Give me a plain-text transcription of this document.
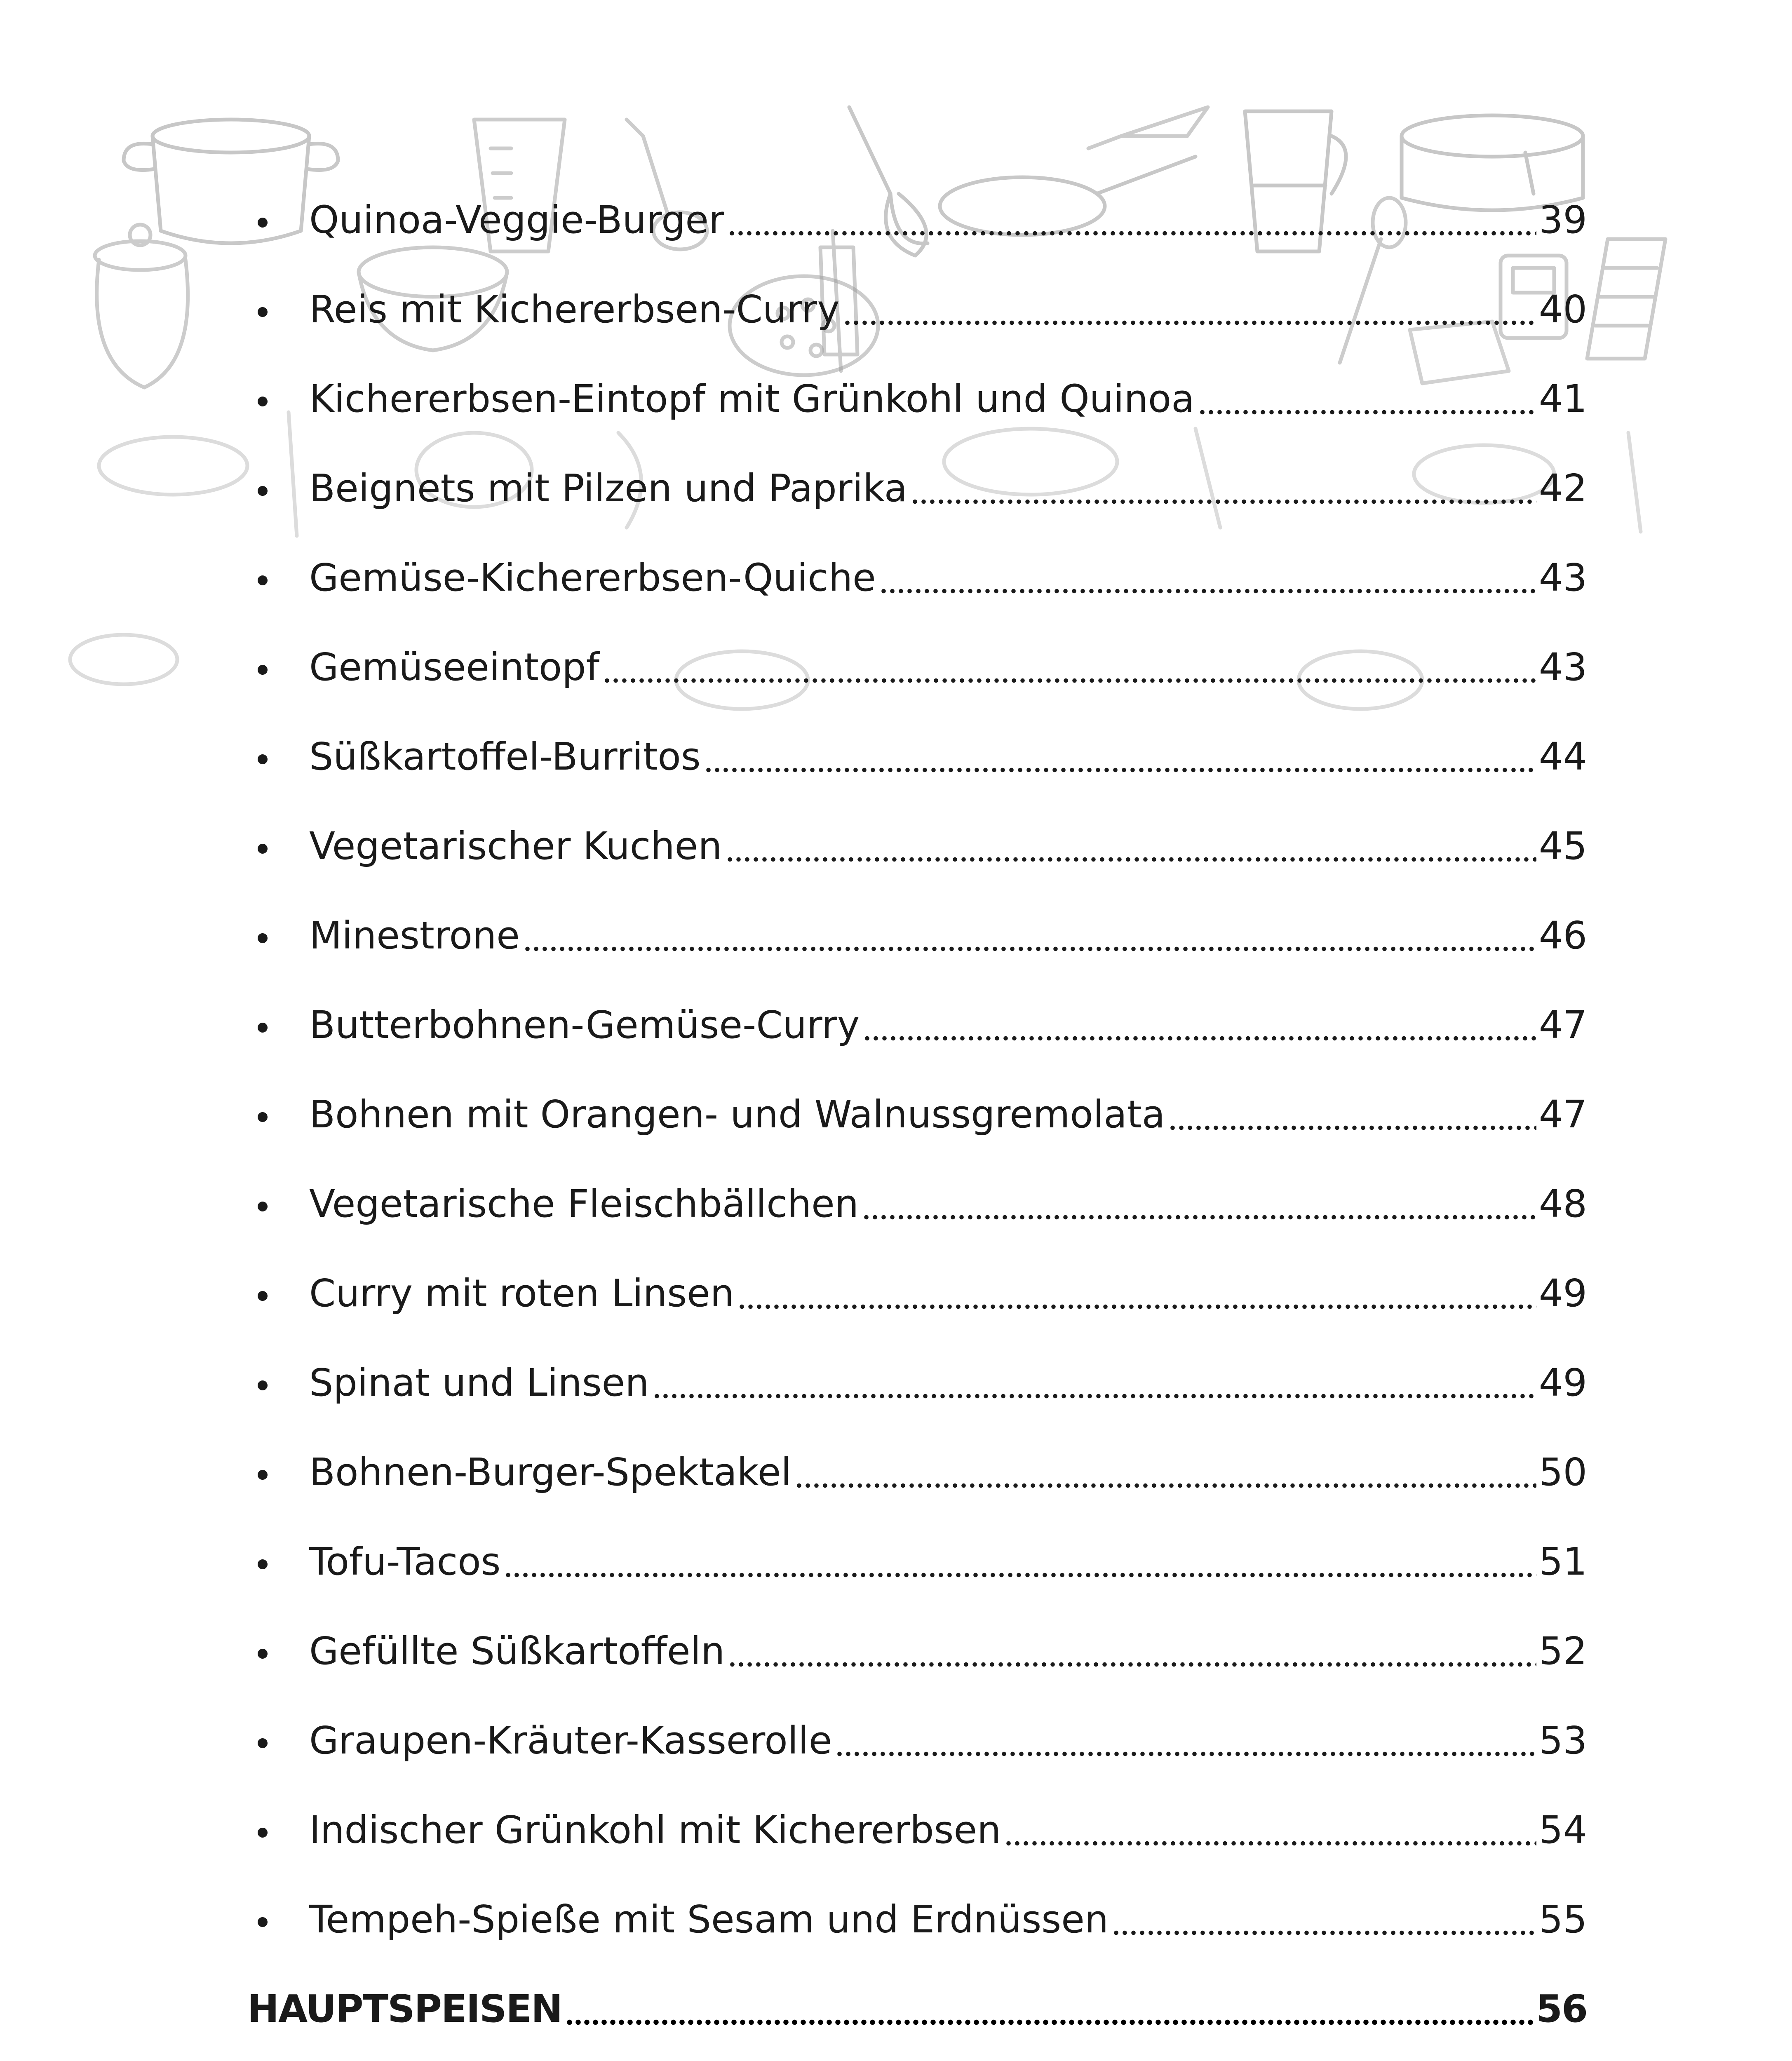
Quinoa-Veggie-Burger	39
Reis mit Kichererbsen-Curry	40
Kichererbsen-Eintopf mit Grünkohl und Quinoa	41
Beignets mit Pilzen und Paprika	42
Gemüse-Kichererbsen-Quiche	43
Gemüseeintopf	43
Süßkartoffel-Burritos	44
Vegetarischer Kuchen	45
Minestrone	46
Butterbohnen-Gemüse-Curry	47
Bohnen mit Orangen- und Walnussgremolata	47
Vegetarische Fleischbällchen	48
Curry mit roten Linsen	49
Spinat und Linsen	49
Bohnen-Burger-Spektakel	50
Tofu-Tacos	51
Gefüllte Süßkartoffeln	52
Graupen-Kräuter-Kasserolle	53
Indischer Grünkohl mit Kichererbsen	54
Tempeh-Spieße mit Sesam und Erdnüssen	55
HAUPTSPEISEN	56
